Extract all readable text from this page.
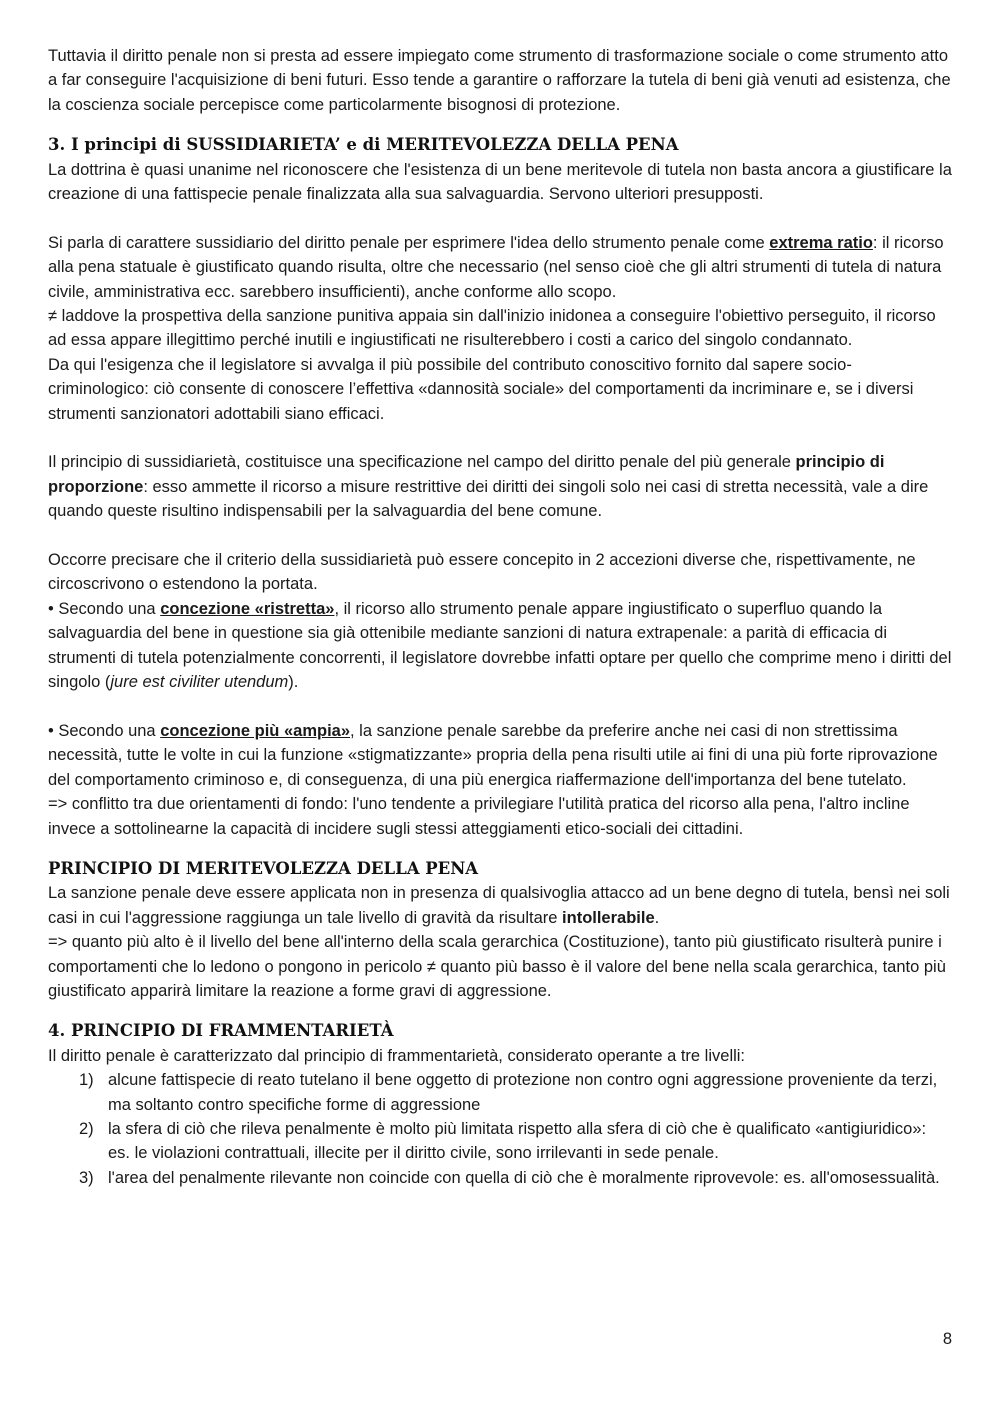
Tuttavia il diritto penale non si presta ad essere impiegato come strumento di trasformazione sociale o come strumento atto a far conseguire l'acquisizione di beni futuri. Esso tende a garantire o rafforzare la tutela di beni già venuti ad esistenza, che la coscienza sociale percepisce come particolarmente bisognosi di protezione.

3. I principi di SUSSIDIARIETA’ e di MERITEVOLEZZA DELLA PENA

La dottrina è quasi unanime nel riconoscere che l'esistenza di un bene meritevole di tutela non basta ancora a giustificare la creazione di una fattispecie penale finalizzata alla sua salvaguardia. Servono ulteriori presupposti.

Si parla di carattere sussidiario del diritto penale per esprimere l'idea dello strumento penale come extrema ratio: il ricorso alla pena statuale è giustificato quando risulta, oltre che necessario (nel senso cioè che gli altri strumenti di tutela di natura civile, amministrativa ecc. sarebbero insufficienti), anche conforme allo scopo.

≠ laddove la prospettiva della sanzione punitiva appaia sin dall'inizio inidonea a conseguire l'obiettivo perseguito, il ricorso ad essa appare illegittimo perché inutili e ingiustificati ne risulterebbero i costi a carico del singolo condannato.

Da qui l'esigenza che il legislatore si avvalga il più possibile del contributo conoscitivo fornito dal sapere socio-criminologico: ciò consente di conoscere l’effettiva «dannosità sociale» del comportamenti da incriminare e, se i diversi strumenti sanzionatori adottabili siano efficaci.

Il principio di sussidiarietà, costituisce una specificazione nel campo del diritto penale del più generale principio di proporzione: esso ammette il ricorso a misure restrittive dei diritti dei singoli solo nei casi di stretta necessità, vale a dire quando queste risultino indispensabili per la salvaguardia del bene comune.

Occorre precisare che il criterio della sussidiarietà può essere concepito in 2 accezioni diverse che, rispettivamente, ne circoscrivono o estendono la portata.

• Secondo una concezione «ristretta», il ricorso allo strumento penale appare ingiustificato o superfluo quando la salvaguardia del bene in questione sia già ottenibile mediante sanzioni di natura extrapenale: a parità di efficacia di strumenti di tutela potenzialmente concorrenti, il legislatore dovrebbe infatti optare per quello che comprime meno i diritti del singolo (jure est civiliter utendum).

• Secondo una concezione più «ampia», la sanzione penale sarebbe da preferire anche nei casi di non strettissima necessità, tutte le volte in cui la funzione «stigmatizzante» propria della pena risulti utile ai fini di una più forte riprovazione del comportamento criminoso e, di conseguenza, di una più energica riaffermazione dell'importanza del bene tutelato.

=> conflitto tra due orientamenti di fondo: l'uno tendente a privilegiare l'utilità pratica del ricorso alla pena, l'altro incline invece a sottolinearne la capacità di incidere sugli stessi atteggiamenti etico-sociali dei cittadini.

PRINCIPIO DI MERITEVOLEZZA DELLA PENA

La sanzione penale deve essere applicata non in presenza di qualsivoglia attacco ad un bene degno di tutela, bensì nei soli casi in cui l'aggressione raggiunga un tale livello di gravità da risultare intollerabile.

=> quanto più alto è il livello del bene all'interno della scala gerarchica (Costituzione), tanto più giustificato risulterà punire i comportamenti che lo ledono o pongono in pericolo ≠ quanto più basso è il valore del bene nella scala gerarchica, tanto più giustificato apparirà limitare la reazione a forme gravi di aggressione.

4. PRINCIPIO DI FRAMMENTARIETÀ

Il diritto penale è caratterizzato dal principio di frammentarietà, considerato operante a tre livelli:

1) alcune fattispecie di reato tutelano il bene oggetto di protezione non contro ogni aggressione proveniente da terzi, ma soltanto contro specifiche forme di aggressione
2) la sfera di ciò che rileva penalmente è molto più limitata rispetto alla sfera di ciò che è qualificato «antigiuridico»: es. le violazioni contrattuali, illecite per il diritto civile, sono irrilevanti in sede penale.
3) l'area del penalmente rilevante non coincide con quella di ciò che è moralmente riprovevole: es. all'omosessualità.
8
